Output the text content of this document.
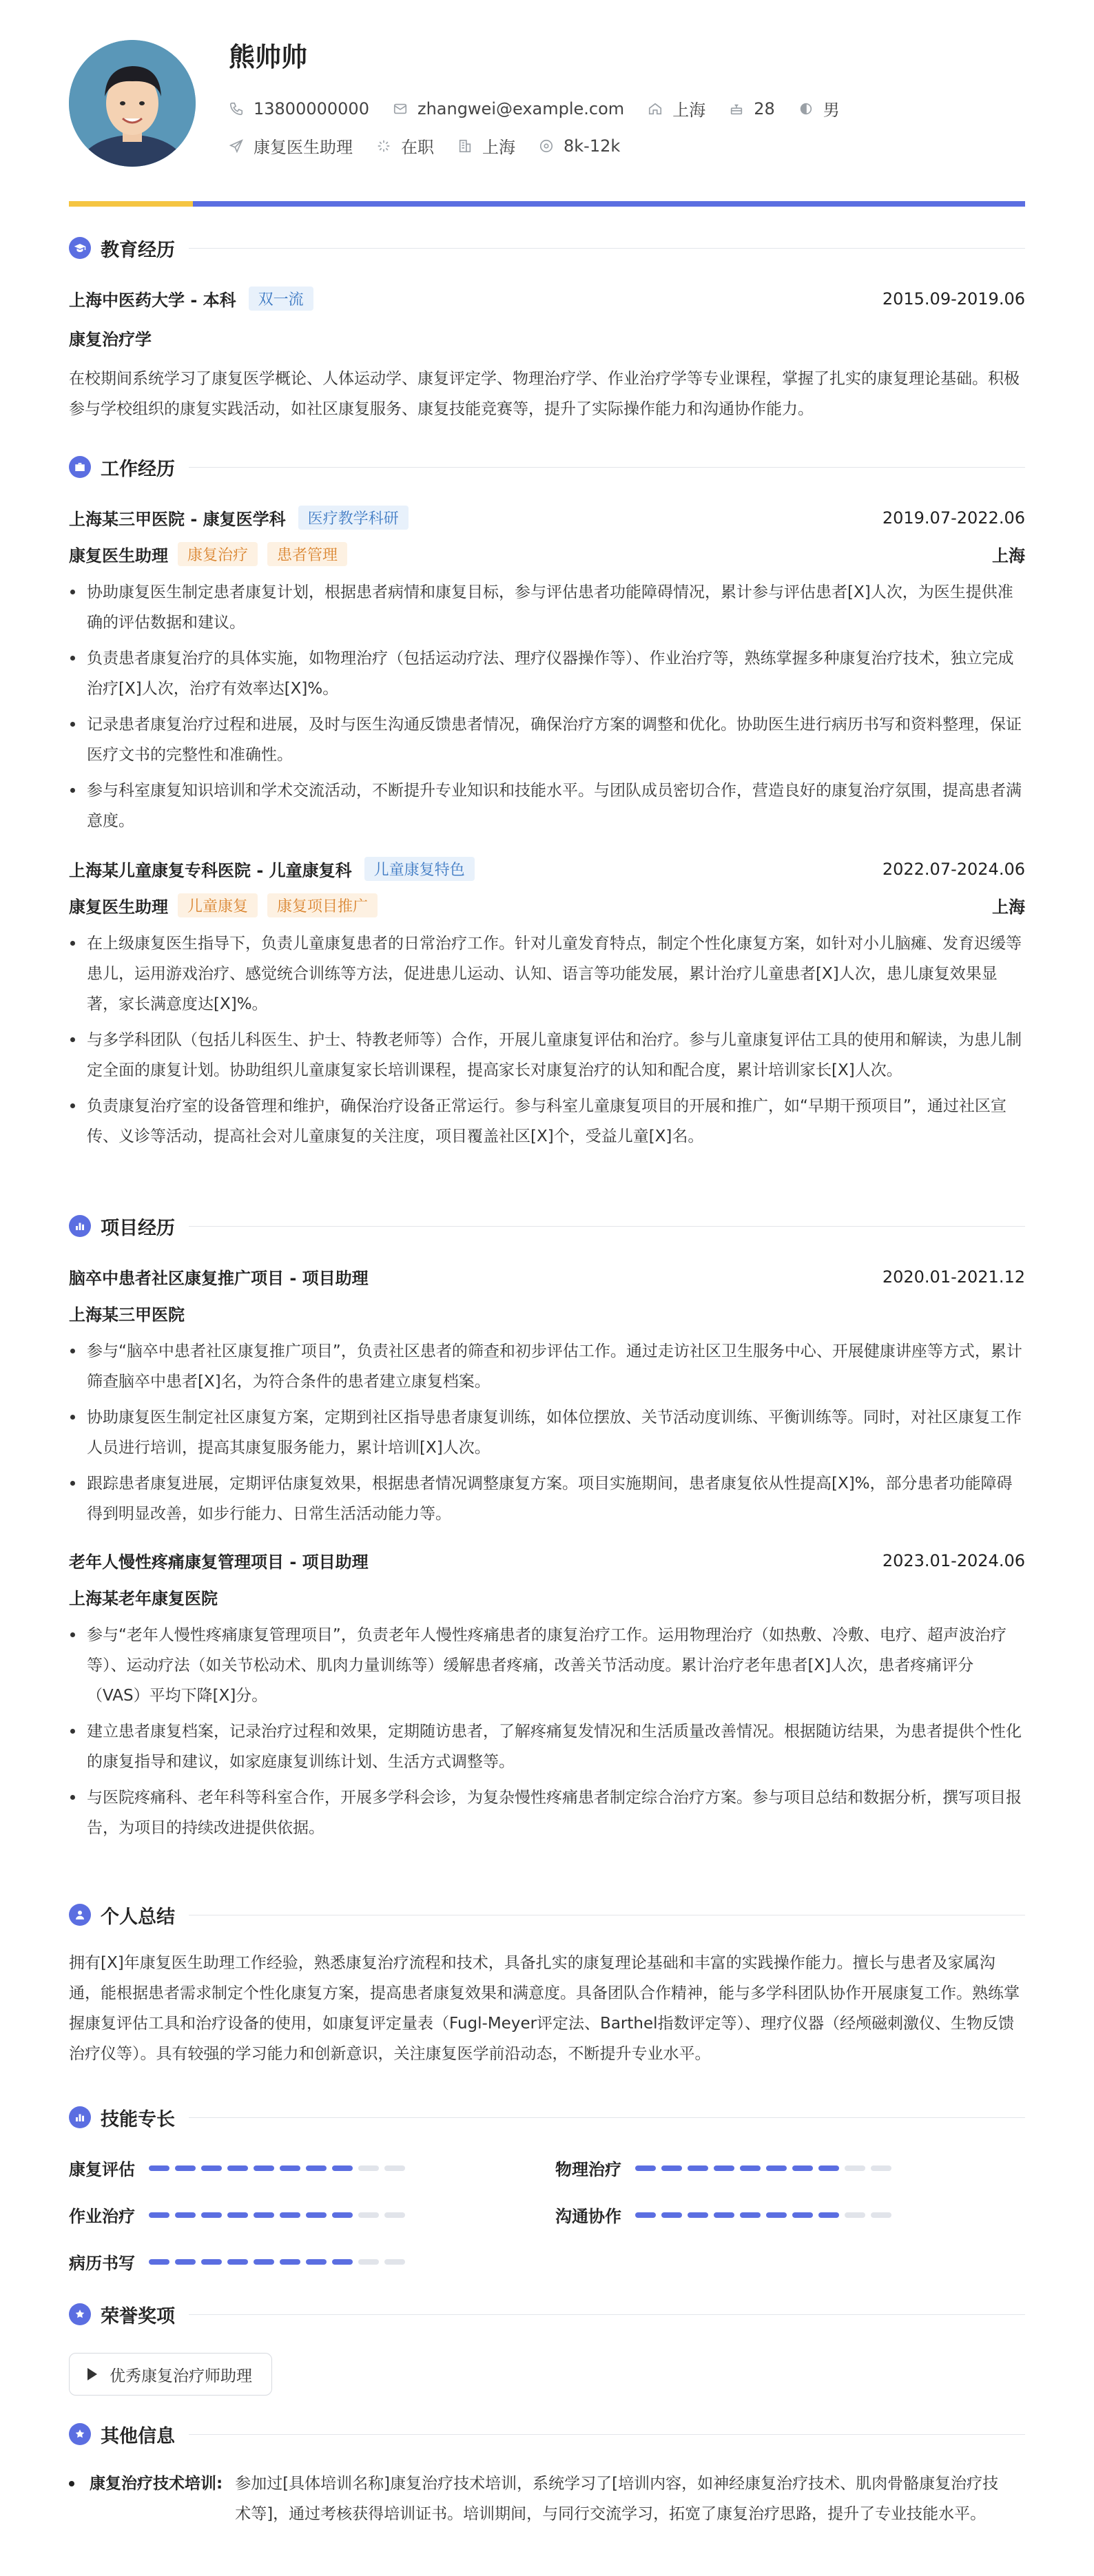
熊帅帅
13800000000	zhangwei@example.com	上海	28	男
康复医生助理	在职	上海	8k-12k
教育经历
上海中医药大学 - 本科	双一流	2015.09-2019.06
康复治疗学

在校期间系统学习了康复医学概论、人体运动学、康复评定学、物理治疗学、作业治疗学等专业课程，掌握了扎实的康复理论基础。积极参与学校组织的康复实践活动，如社区康复服务、康复技能竞赛等，提升了实际操作能力和沟通协作能力。

工作经历
上海某三甲医院 - 康复医学科	医疗教学科研	2019.07-2022.06
康复医生助理	康复治疗	患者管理	上海
协助康复医生制定患者康复计划，根据患者病情和康复目标，参与评估患者功能障碍情况，累计参与评估患者[X]人次，为医生提供准确的评估数据和建议。
负责患者康复治疗的具体实施，如物理治疗（包括运动疗法、理疗仪器操作等）、作业治疗等，熟练掌握多种康复治疗技术，独立完成治疗[X]人次，治疗有效率达[X]%。
记录患者康复治疗过程和进展，及时与医生沟通反馈患者情况，确保治疗方案的调整和优化。协助医生进行病历书写和资料整理，保证医疗文书的完整性和准确性。
参与科室康复知识培训和学术交流活动，不断提升专业知识和技能水平。与团队成员密切合作，营造良好的康复治疗氛围，提高患者满意度。
上海某儿童康复专科医院 - 儿童康复科	儿童康复特色	2022.07-2024.06
康复医生助理	儿童康复	康复项目推广	上海
在上级康复医生指导下，负责儿童康复患者的日常治疗工作。针对儿童发育特点，制定个性化康复方案，如针对小儿脑瘫、发育迟缓等患儿，运用游戏治疗、感觉统合训练等方法，促进患儿运动、认知、语言等功能发展，累计治疗儿童患者[X]人次，患儿康复效果显著，家长满意度达[X]%。
与多学科团队（包括儿科医生、护士、特教老师等）合作，开展儿童康复评估和治疗。参与儿童康复评估工具的使用和解读，为患儿制定全面的康复计划。协助组织儿童康复家长培训课程，提高家长对康复治疗的认知和配合度，累计培训家长[X]人次。
负责康复治疗室的设备管理和维护，确保治疗设备正常运行。参与科室儿童康复项目的开展和推广，如“早期干预项目”，通过社区宣传、义诊等活动，提高社会对儿童康复的关注度，项目覆盖社区[X]个，受益儿童[X]名。
项目经历
脑卒中患者社区康复推广项目 - 项目助理	2020.01-2021.12
上海某三甲医院
参与“脑卒中患者社区康复推广项目”，负责社区患者的筛查和初步评估工作。通过走访社区卫生服务中心、开展健康讲座等方式，累计筛查脑卒中患者[X]名，为符合条件的患者建立康复档案。
协助康复医生制定社区康复方案，定期到社区指导患者康复训练，如体位摆放、关节活动度训练、平衡训练等。同时，对社区康复工作人员进行培训，提高其康复服务能力，累计培训[X]人次。
跟踪患者康复进展，定期评估康复效果，根据患者情况调整康复方案。项目实施期间，患者康复依从性提高[X]%，部分患者功能障碍得到明显改善，如步行能力、日常生活活动能力等。
老年人慢性疼痛康复管理项目 - 项目助理	2023.01-2024.06
上海某老年康复医院
参与“老年人慢性疼痛康复管理项目”，负责老年人慢性疼痛患者的康复治疗工作。运用物理治疗（如热敷、冷敷、电疗、超声波治疗等）、运动疗法（如关节松动术、肌肉力量训练等）缓解患者疼痛，改善关节活动度。累计治疗老年患者[X]人次，患者疼痛评分（VAS）平均下降[X]分。
建立患者康复档案，记录治疗过程和效果，定期随访患者，了解疼痛复发情况和生活质量改善情况。根据随访结果，为患者提供个性化的康复指导和建议，如家庭康复训练计划、生活方式调整等。
与医院疼痛科、老年科等科室合作，开展多学科会诊，为复杂慢性疼痛患者制定综合治疗方案。参与项目总结和数据分析，撰写项目报告，为项目的持续改进提供依据。
个人总结

拥有[X]年康复医生助理工作经验，熟悉康复治疗流程和技术，具备扎实的康复理论基础和丰富的实践操作能力。擅长与患者及家属沟通，能根据患者需求制定个性化康复方案，提高患者康复效果和满意度。具备团队合作精神，能与多学科团队协作开展康复工作。熟练掌握康复评估工具和治疗设备的使用，如康复评定量表（Fugl-Meyer评定法、Barthel指数评定等）、理疗仪器（经颅磁刺激仪、生物反馈治疗仪等）。具有较强的学习能力和创新意识，关注康复医学前沿动态，不断提升专业水平。

技能专长
康复评估	物理治疗
作业治疗	沟通协作
病历书写
荣誉奖项
优秀康复治疗师助理
其他信息
康复治疗技术培训: 参加过[具体培训名称]康复治疗技术培训，系统学习了[培训内容，如神经康复治疗技术、肌肉骨骼康复治疗技术等]，通过考核获得培训证书。培训期间，与同行交流学习，拓宽了康复治疗思路，提升了专业技能水平。
